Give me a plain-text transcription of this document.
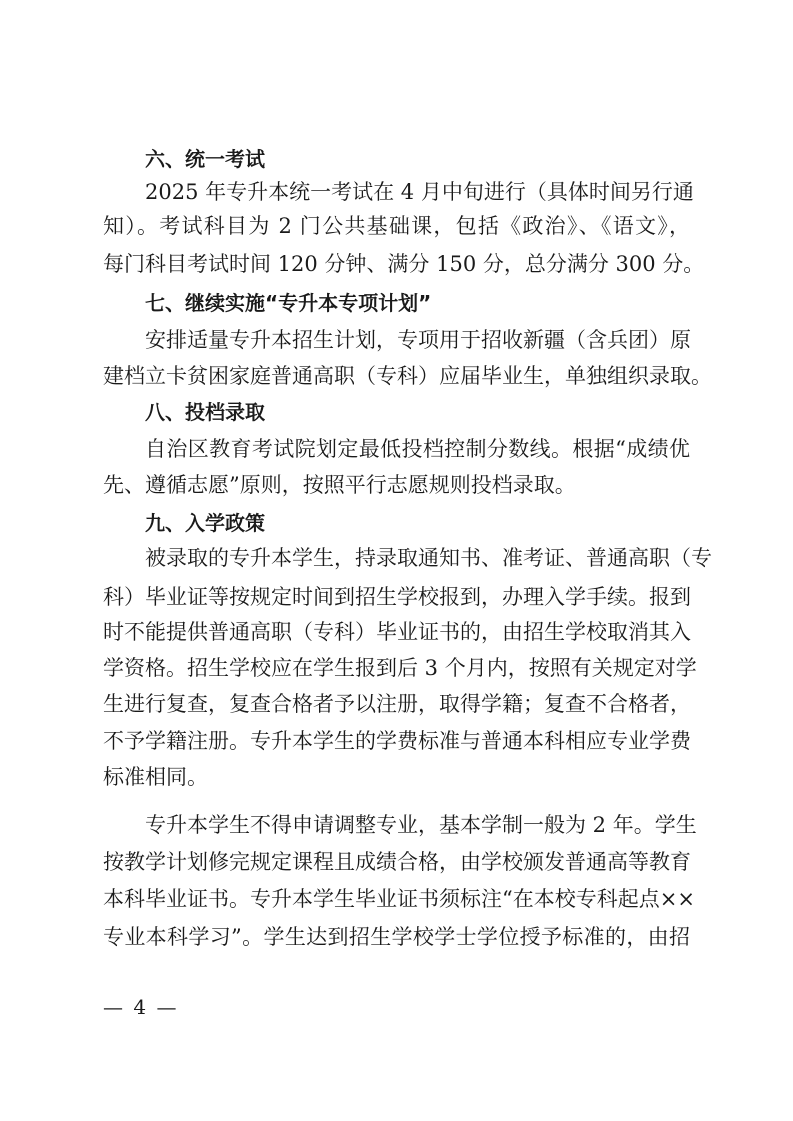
六、统一考试
2025 年专升本统一考试在 4 月中旬进行（具体时间另行通
知）。考试科目为 2 门公共基础课，包括《政治》、《语文》，
每门科目考试时间 120 分钟、满分 150 分，总分满分 300 分。
七、继续实施“专升本专项计划”
安排适量专升本招生计划，专项用于招收新疆（含兵团）原
建档立卡贫困家庭普通高职（专科）应届毕业生，单独组织录取。
八、投档录取
自治区教育考试院划定最低投档控制分数线。根据“成绩优
先、遵循志愿”原则，按照平行志愿规则投档录取。
九、入学政策
被录取的专升本学生，持录取通知书、准考证、普通高职（专
科）毕业证等按规定时间到招生学校报到，办理入学手续。报到
时不能提供普通高职（专科）毕业证书的，由招生学校取消其入
学资格。招生学校应在学生报到后 3 个月内，按照有关规定对学
生进行复查，复查合格者予以注册，取得学籍；复查不合格者，
不予学籍注册。专升本学生的学费标准与普通本科相应专业学费
标准相同。
专升本学生不得申请调整专业，基本学制一般为 2 年。学生
按教学计划修完规定课程且成绩合格，由学校颁发普通高等教育
本科毕业证书。专升本学生毕业证书须标注“在本校专科起点××
专业本科学习”。学生达到招生学校学士学位授予标准的，由招
— 4 —
